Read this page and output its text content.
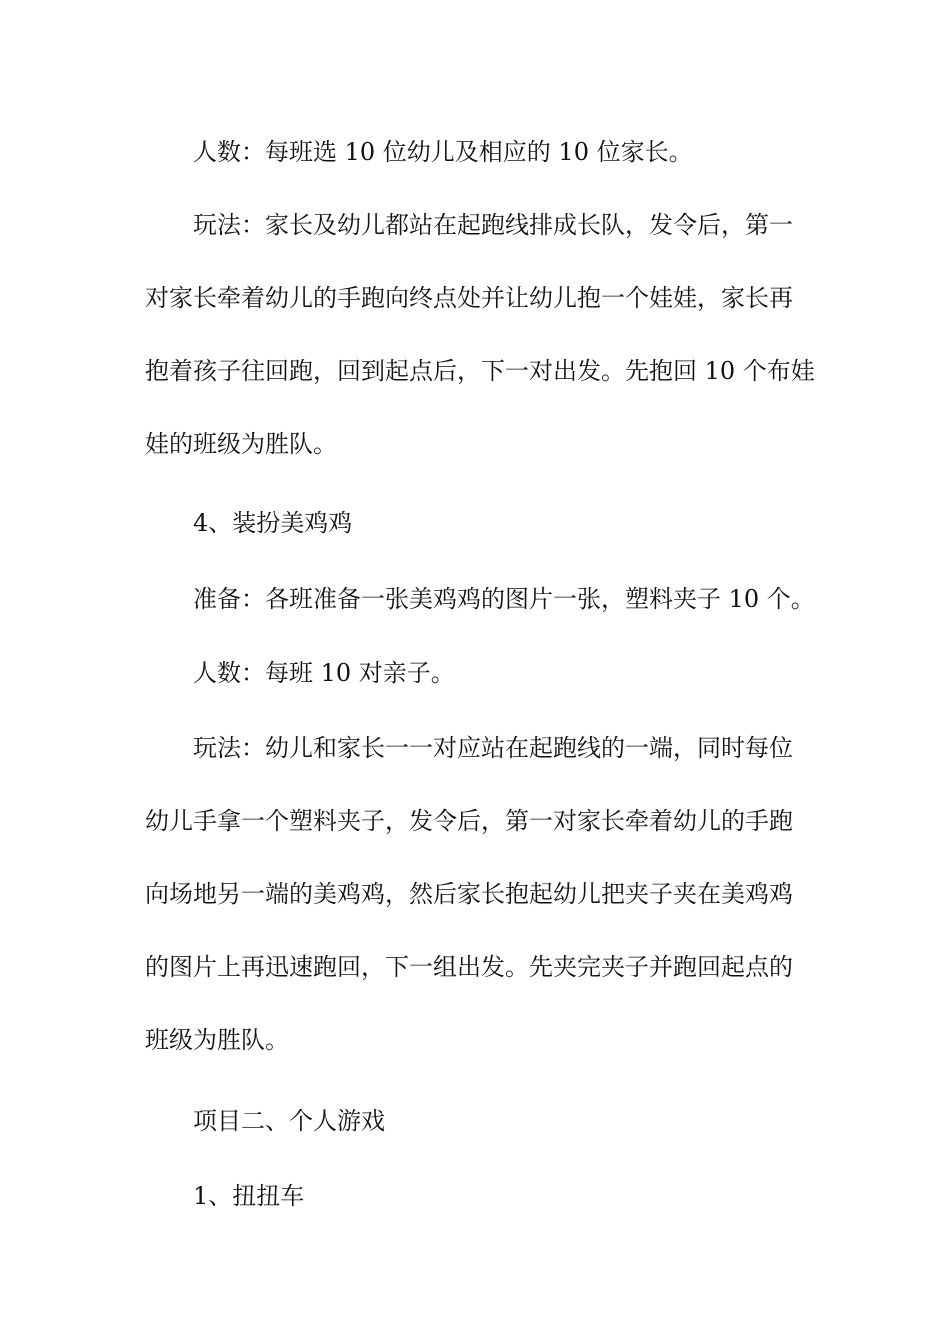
人数：每班选 10 位幼儿及相应的 10 位家长。

玩法：家长及幼儿都站在起跑线排成长队，发令后，第一
对家长牵着幼儿的手跑向终点处并让幼儿抱一个娃娃，家长再
抱着孩子往回跑，回到起点后，下一对出发。先抱回 10 个布娃
娃的班级为胜队。

4、装扮美鸡鸡

准备：各班准备一张美鸡鸡的图片一张，塑料夹子 10 个。

人数：每班 10 对亲子。

玩法：幼儿和家长一一对应站在起跑线的一端，同时每位
幼儿手拿一个塑料夹子，发令后，第一对家长牵着幼儿的手跑
向场地另一端的美鸡鸡，然后家长抱起幼儿把夹子夹在美鸡鸡
的图片上再迅速跑回，下一组出发。先夹完夹子并跑回起点的
班级为胜队。

项目二、个人游戏

1、扭扭车
